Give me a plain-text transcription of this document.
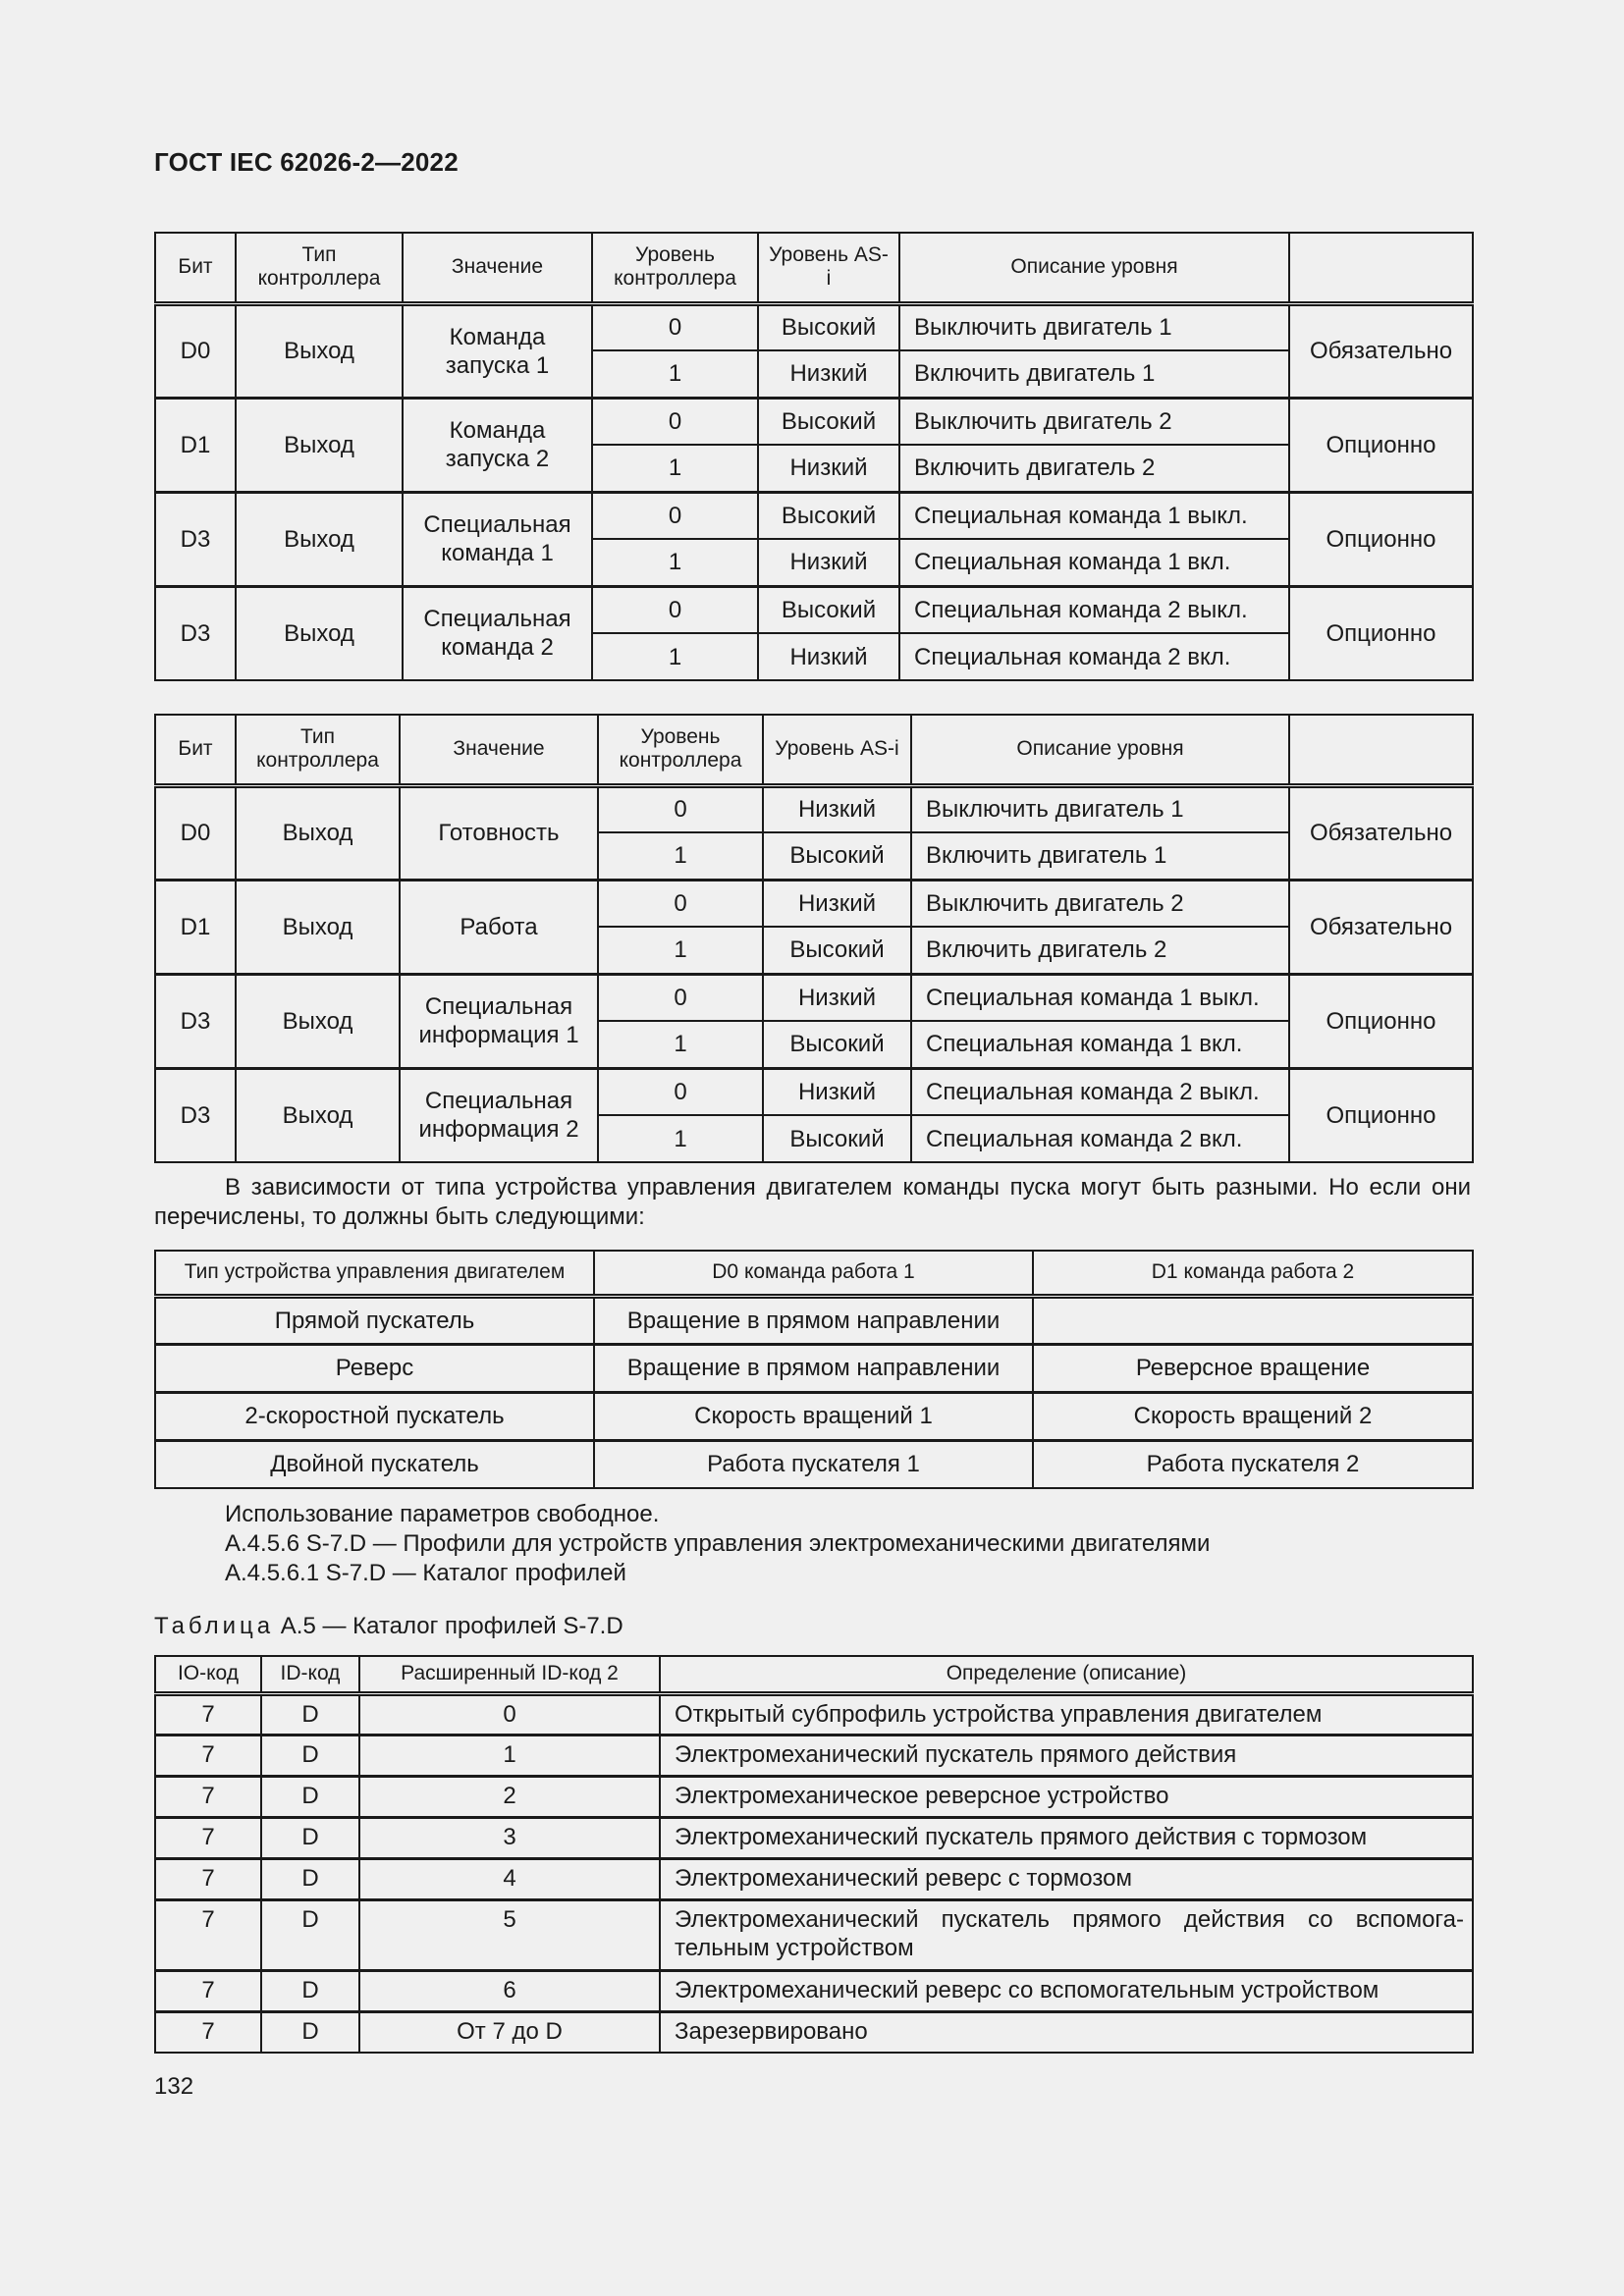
ГОСТ IEC 62026-2—2022
Бит	Тип контроллера	Значение	Уровень контроллера	Уровень AS-i	Описание уровня	
D0	Выход	Команда запуска 1	0	Высокий	Выключить двигатель 1	Обязательно
			1	Низкий	Включить двигатель 1	
D1	Выход	Команда запуска 2	0	Высокий	Выключить двигатель 2	Опционно
			1	Низкий	Включить двигатель 2	
D3	Выход	Специальная команда 1	0	Высокий	Специальная команда 1 выкл.	Опционно
			1	Низкий	Специальная команда 1 вкл.	
D3	Выход	Специальная команда 2	0	Высокий	Специальная команда 2 выкл.	Опционно
			1	Низкий	Специальная команда 2 вкл.	
Бит	Тип контроллера	Значение	Уровень контроллера	Уровень AS-i	Описание уровня	
D0	Выход	Готовность	0	Низкий	Выключить двигатель 1	Обязательно
			1	Высокий	Включить двигатель 1	
D1	Выход	Работа	0	Низкий	Выключить двигатель 2	Обязательно
			1	Высокий	Включить двигатель 2	
D3	Выход	Специальная информация 1	0	Низкий	Специальная команда 1 выкл.	Опционно
			1	Высокий	Специальная команда 1 вкл.	
D3	Выход	Специальная информация 2	0	Низкий	Специальная команда 2 выкл.	Опционно
			1	Высокий	Специальная команда 2 вкл.	
В зависимости от типа устройства управления двигателем команды пуска могут быть разными. Но если они перечислены, то должны быть следующими:
Тип устройства управления двигателем	D0 команда работа 1	D1 команда работа 2
Прямой пускатель	Вращение в прямом направлении	
Реверс	Вращение в прямом направлении	Реверсное вращение
2-скоростной пускатель	Скорость вращений 1	Скорость вращений 2
Двойной пускатель	Работа пускателя 1	Работа пускателя 2
Использование параметров свободное.
А.4.5.6 S-7.D — Профили для устройств управления электромеханическими двигателями
А.4.5.6.1 S-7.D — Каталог профилей
Таблица А.5 — Каталог профилей S-7.D
IO-код	ID-код	Расширенный ID-код 2	Определение (описание)
7	D	0	Открытый субпрофиль устройства управления двигателем
7	D	1	Электромеханический пускатель прямого действия
7	D	2	Электромеханическое реверсное устройство
7	D	3	Электромеханический пускатель прямого действия с тормозом
7	D	4	Электромеханический реверс с тормозом
7	D	5	Электромеханический пускатель прямого действия со вспомога-тельным устройством
7	D	6	Электромеханический реверс со вспомогательным устройством
7	D	От 7 до D	Зарезервировано
132
